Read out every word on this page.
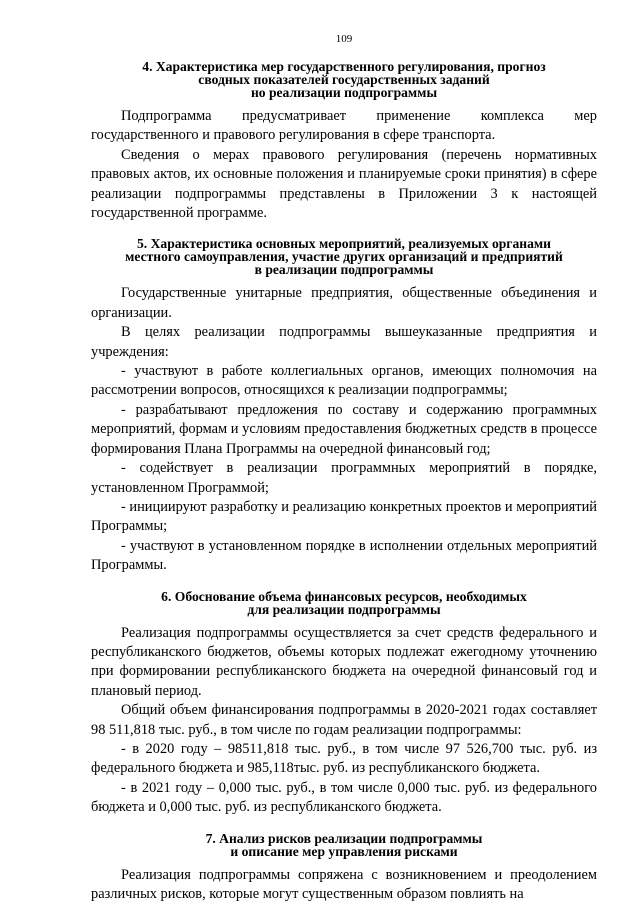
109
4. Характеристика мер государственного регулирования, прогноз
сводных показателей государственных заданий
но реализации подпрограммы

Подпрограмма предусматривает применение комплекса мер государственного и правового регулирования в сфере транспорта.

Сведения о мерах правового регулирования (перечень нормативных правовых актов, их основные положения и планируемые сроки принятия) в сфере реализации подпрограммы представлены в Приложении 3 к настоящей государственной программе.

5. Характеристика основных мероприятий, реализуемых органами
местного самоуправления, участие других организаций и предприятий
в реализации подпрограммы

Государственные унитарные предприятия, общественные объединения и организации.

В целях реализации подпрограммы вышеуказанные предприятия и учреждения:

- участвуют в работе коллегиальных органов, имеющих полномочия на рассмотрении вопросов, относящихся к реализации подпрограммы;

- разрабатывают предложения по составу и содержанию программных мероприятий, формам и условиям предоставления бюджетных средств в процессе формирования Плана Программы на очередной финансовый год;

- содействует в реализации программных мероприятий в порядке, установленном Программой;

- инициируют разработку и реализацию конкретных проектов и мероприятий Программы;

- участвуют в установленном порядке в исполнении отдельных мероприятий Программы.

6. Обоснование объема финансовых ресурсов, необходимых
для реализации подпрограммы

Реализация подпрограммы осуществляется за счет средств федерального и республиканского бюджетов, объемы которых подлежат ежегодному уточнению при формировании республиканского бюджета на очередной финансовый год и плановый период.

Общий объем финансирования подпрограммы в 2020-2021 годах составляет 98 511,818 тыс. руб., в том числе по годам реализации подпрограммы:

- в 2020 году – 98511,818 тыс. руб., в том числе 97 526,700 тыс. руб. из федерального бюджета и 985,118тыс. руб. из республиканского бюджета.

- в 2021 году – 0,000 тыс. руб., в том числе 0,000 тыс. руб. из федерального бюджета и 0,000 тыс. руб. из республиканского бюджета.

7. Анализ рисков реализации подпрограммы
и описание мер управления рисками

Реализация подпрограммы сопряжена с возникновением и преодолением различных рисков, которые могут существенным образом повлиять на
